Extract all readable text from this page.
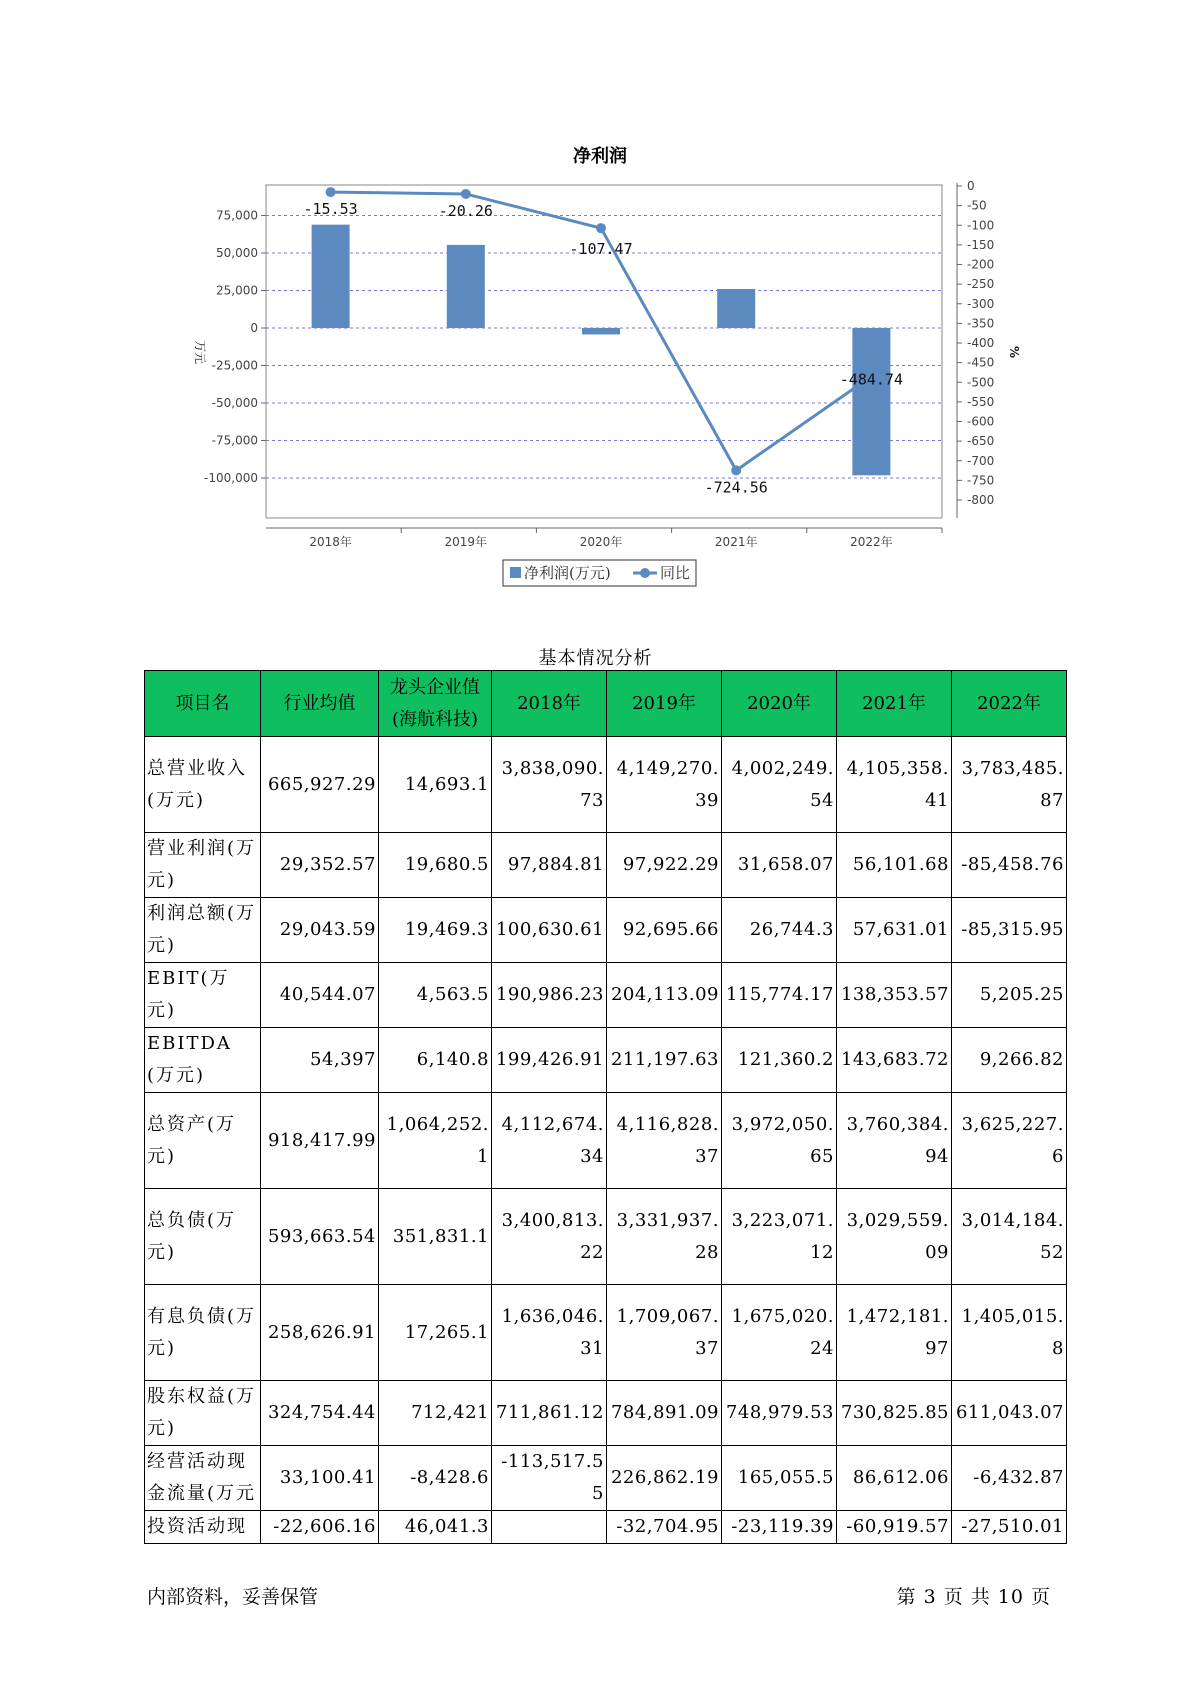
净利润
75,000
50,000
25,000
0
-25,000
-50,000
-75,000
-100,000
0
-50
-100
-150
-200
-250
-300
-350
-400
-450
-500
-550
-600
-650
-700
-750
-800
万元	%
2018年	2019年	2020年	2021年	2022年
-15.53	-20.26
-107.47
-724.56
-484.74
净利润(万元)	同比
基本情况分析
项目名	行业均值	龙头企业值(海航科技)	2018年	2019年	2020年	2021年	2022年
总营业收入(万元)	665,927.29	14,693.1	3,838,090.73	4,149,270.39	4,002,249.54	4,105,358.41	3,783,485.87
营业利润(万元)	29,352.57	19,680.5	97,884.81	97,922.29	31,658.07	56,101.68	-85,458.76
利润总额(万元)	29,043.59	19,469.3	100,630.61	92,695.66	26,744.3	57,631.01	-85,315.95
EBIT(万元)	40,544.07	4,563.5	190,986.23	204,113.09	115,774.17	138,353.57	5,205.25
EBITDA(万元)	54,397	6,140.8	199,426.91	211,197.63	121,360.2	143,683.72	9,266.82
总资产(万元)	918,417.99	1,064,252.1	4,112,674.34	4,116,828.37	3,972,050.65	3,760,384.94	3,625,227.6
总负债(万元)	593,663.54	351,831.1	3,400,813.22	3,331,937.28	3,223,071.12	3,029,559.09	3,014,184.52
有息负债(万元)	258,626.91	17,265.1	1,636,046.31	1,709,067.37	1,675,020.24	1,472,181.97	1,405,015.8
股东权益(万元)	324,754.44	712,421	711,861.12	784,891.09	748,979.53	730,825.85	611,043.07
经营活动现金流量(万元	33,100.41	-8,428.6	-113,517.55	226,862.19	165,055.5	86,612.06	-6,432.87
投资活动现	-22,606.16	46,041.3		-32,704.95	-23,119.39	-60,919.57	-27,510.01
内部资料，妥善保管	第 3 页 共 10 页
